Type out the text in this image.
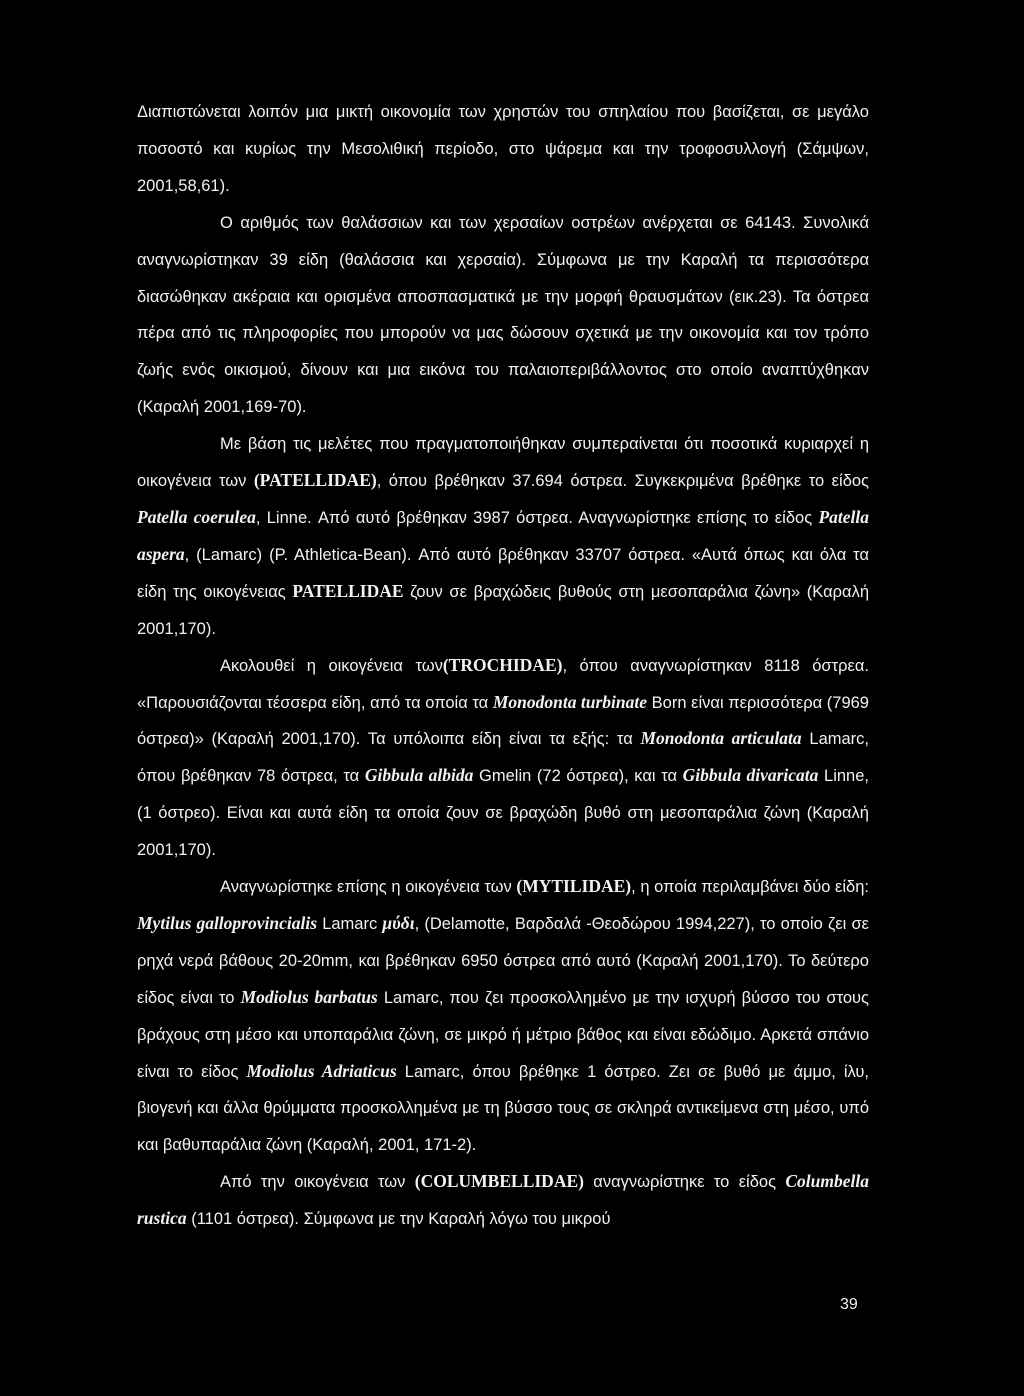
Διαπιστώνεται λοιπόν μια μικτή οικονομία των χρηστών του σπηλαίου που βασίζεται, σε μεγάλο ποσοστό και κυρίως την Μεσολιθική περίοδο, στο ψάρεμα και την τροφοσυλλογή (Σάμψων, 2001,58,61).
Ο αριθμός των θαλάσσιων και των χερσαίων οστρέων ανέρχεται σε 64143. Συνολικά αναγνωρίστηκαν 39 είδη (θαλάσσια και χερσαία). Σύμφωνα με την Καραλή τα περισσότερα διασώθηκαν ακέραια και ορισμένα αποσπασματικά με την μορφή θραυσμάτων (εικ.23). Τα όστρεα πέρα από τις πληροφορίες που μπορούν να μας δώσουν σχετικά με την οικονομία και τον τρόπο ζωής ενός οικισμού, δίνουν και μια εικόνα του παλαιοπεριβάλλοντος στο οποίο αναπτύχθηκαν (Καραλή 2001,169-70).
Με βάση τις μελέτες που πραγματοποιήθηκαν συμπεραίνεται ότι ποσοτικά κυριαρχεί η οικογένεια των (PATELLIDAE), όπου βρέθηκαν 37.694 όστρεα. Συγκεκριμένα βρέθηκε το είδος Patella coerulea, Linne. Από αυτό βρέθηκαν 3987 όστρεα. Αναγνωρίστηκε επίσης το είδος Patella aspera, (Lamarc) (P. Athletica-Bean). Από αυτό βρέθηκαν 33707 όστρεα. «Αυτά όπως και όλα τα είδη της οικογένειας PATELLIDAE ζουν σε βραχώδεις βυθούς στη μεσοπαράλια ζώνη» (Καραλή 2001,170).
Ακολουθεί η οικογένεια των(TROCHIDAE), όπου αναγνωρίστηκαν 8118 όστρεα. «Παρουσιάζονται τέσσερα είδη, από τα οποία τα Monodonta turbinate Born είναι περισσότερα (7969 όστρεα)» (Καραλή 2001,170). Τα υπόλοιπα είδη είναι τα εξής: τα Monodonta articulata Lamarc, όπου βρέθηκαν 78 όστρεα, τα Gibbula albida Gmelin (72 όστρεα), και τα Gibbula divaricata Linne, (1 όστρεο). Είναι και αυτά είδη τα οποία ζουν σε βραχώδη βυθό στη μεσοπαράλια ζώνη (Καραλή 2001,170).
Αναγνωρίστηκε επίσης η οικογένεια των (MYTILIDAE), η οποία περιλαμβάνει δύο είδη: Mytilus galloprovincialis Lamarc μύδι, (Delamotte, Βαρδαλά -Θεοδώρου 1994,227), το οποίο ζει σε ρηχά νερά βάθους 20-20mm, και βρέθηκαν 6950 όστρεα από αυτό (Καραλή 2001,170). Το δεύτερο είδος είναι το Modiolus barbatus Lamarc, που ζει προσκολλημένο με την ισχυρή βύσσο του στους βράχους στη μέσο και υποπαράλια ζώνη, σε μικρό ή μέτριο βάθος και είναι εδώδιμο. Αρκετά σπάνιο είναι το είδος Modiolus Adriaticus Lamarc, όπου βρέθηκε 1 όστρεο. Ζει σε βυθό με άμμο, ίλυ, βιογενή και άλλα θρύμματα προσκολλημένα με τη βύσσο τους σε σκληρά αντικείμενα στη μέσο, υπό και βαθυπαράλια ζώνη (Καραλή, 2001, 171-2).
Από την οικογένεια των (COLUMBELLIDAE) αναγνωρίστηκε το είδος Columbella rustica (1101 όστρεα). Σύμφωνα με την Καραλή λόγω του μικρού
39
